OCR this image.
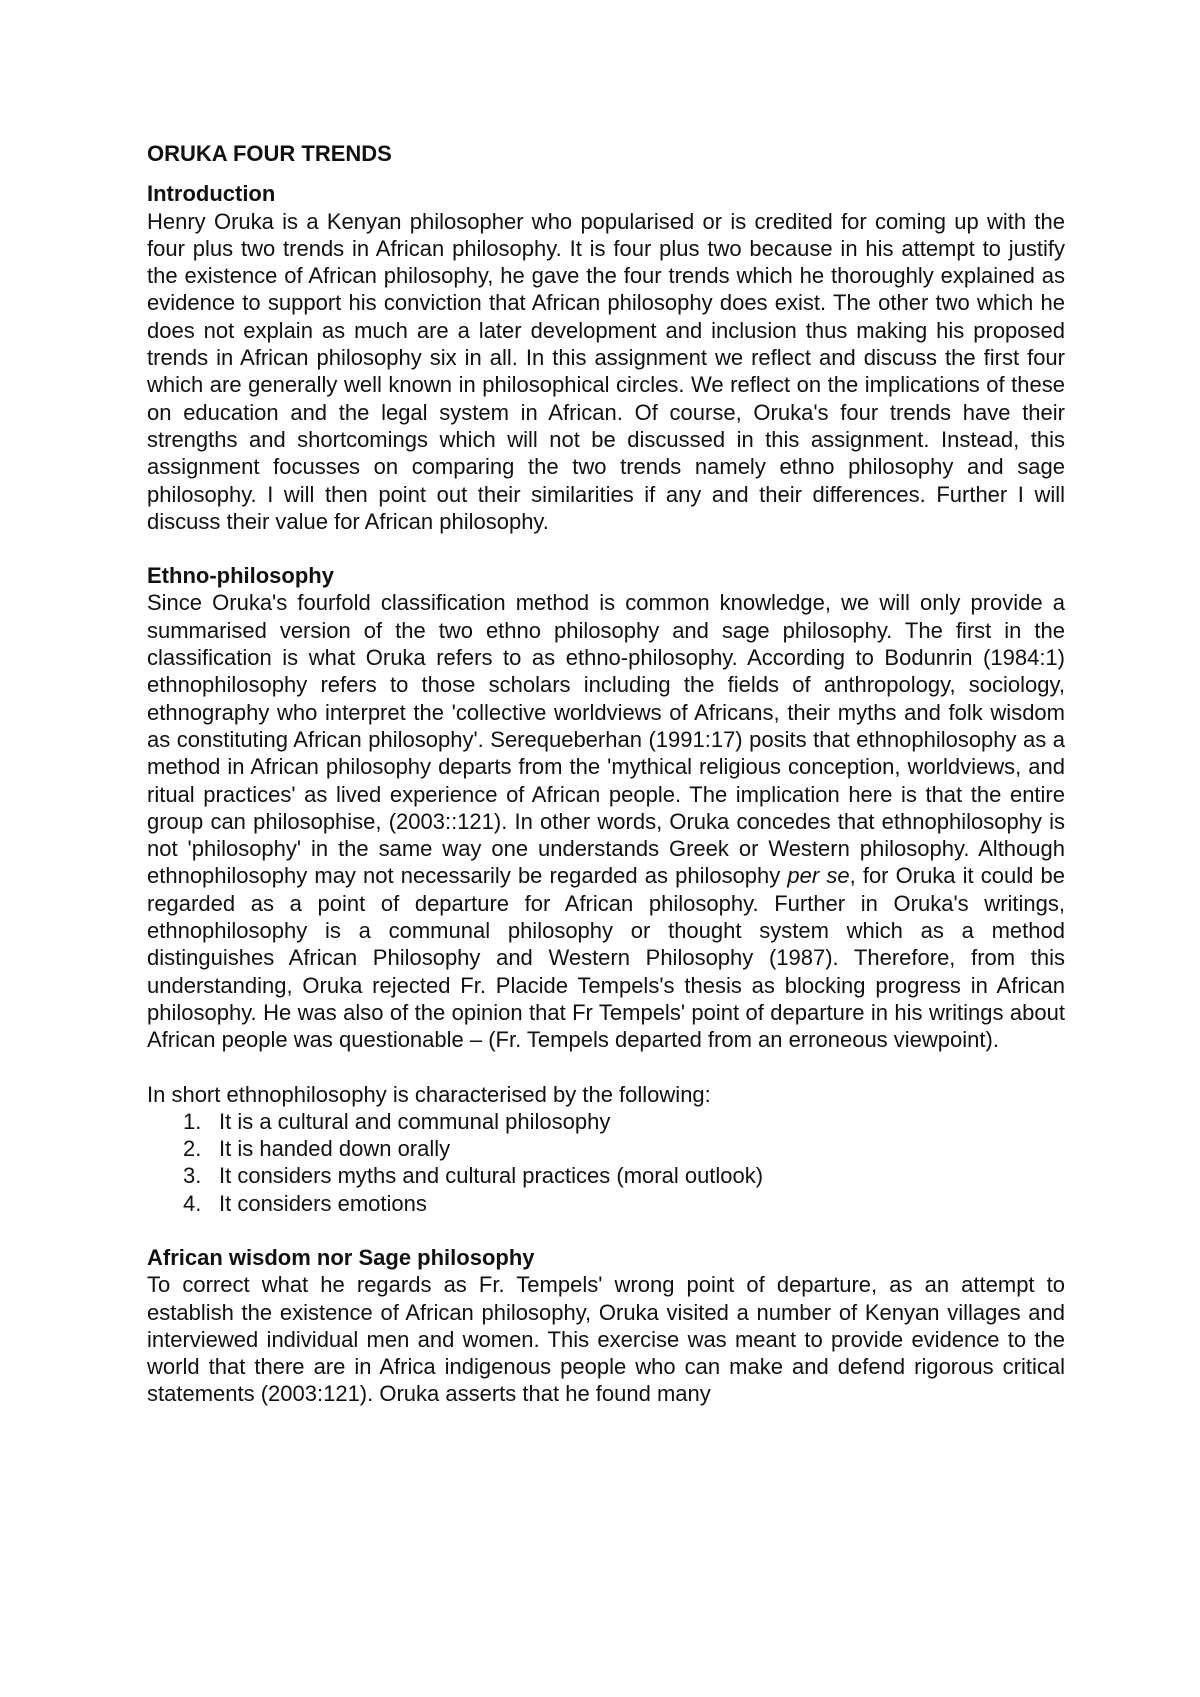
ORUKA FOUR TRENDS
Introduction

Henry Oruka is a Kenyan philosopher who popularised or is credited for coming up with the four plus two trends in African philosophy. It is four plus two because in his attempt to justify the existence of African philosophy, he gave the four trends which he thoroughly explained as evidence to support his conviction that African philosophy does exist. The other two which he does not explain as much are a later development and inclusion thus making his proposed trends in African philosophy six in all. In this assignment we reflect and discuss the first four which are generally well known in philosophical circles. We reflect on the implications of these on education and the legal system in African. Of course, Oruka's four trends have their strengths and shortcomings which will not be discussed in this assignment. Instead, this assignment focusses on comparing the two trends namely ethno philosophy and sage philosophy. I will then point out their similarities if any and their differences. Further I will discuss their value for African philosophy.

Ethno-philosophy

Since Oruka's fourfold classification method is common knowledge, we will only provide a summarised version of the two ethno philosophy and sage philosophy. The first in the classification is what Oruka refers to as ethno-philosophy. According to Bodunrin (1984:1) ethnophilosophy refers to those scholars including the fields of anthropology, sociology, ethnography who interpret the 'collective worldviews of Africans, their myths and folk wisdom as constituting African philosophy'. Serequeberhan (1991:17) posits that ethnophilosophy as a method in African philosophy departs from the 'mythical religious conception, worldviews, and ritual practices' as lived experience of African people. The implication here is that the entire group can philosophise, (2003::121). In other words, Oruka concedes that ethnophilosophy is not 'philosophy' in the same way one understands Greek or Western philosophy. Although ethnophilosophy may not necessarily be regarded as philosophy per se, for Oruka it could be regarded as a point of departure for African philosophy. Further in Oruka's writings, ethnophilosophy is a communal philosophy or thought system which as a method distinguishes African Philosophy and Western Philosophy (1987). Therefore, from this understanding, Oruka rejected Fr. Placide Tempels's thesis as blocking progress in African philosophy. He was also of the opinion that Fr Tempels' point of departure in his writings about African people was questionable – (Fr. Tempels departed from an erroneous viewpoint).

In short ethnophilosophy is characterised by the following:

1. It is a cultural and communal philosophy
2. It is handed down orally
3. It considers myths and cultural practices (moral outlook)
4. It considers emotions
African wisdom nor Sage philosophy

To correct what he regards as Fr. Tempels' wrong point of departure, as an attempt to establish the existence of African philosophy, Oruka visited a number of Kenyan villages and interviewed individual men and women. This exercise was meant to provide evidence to the world that there are in Africa indigenous people who can make and defend rigorous critical statements (2003:121). Oruka asserts that he found many
